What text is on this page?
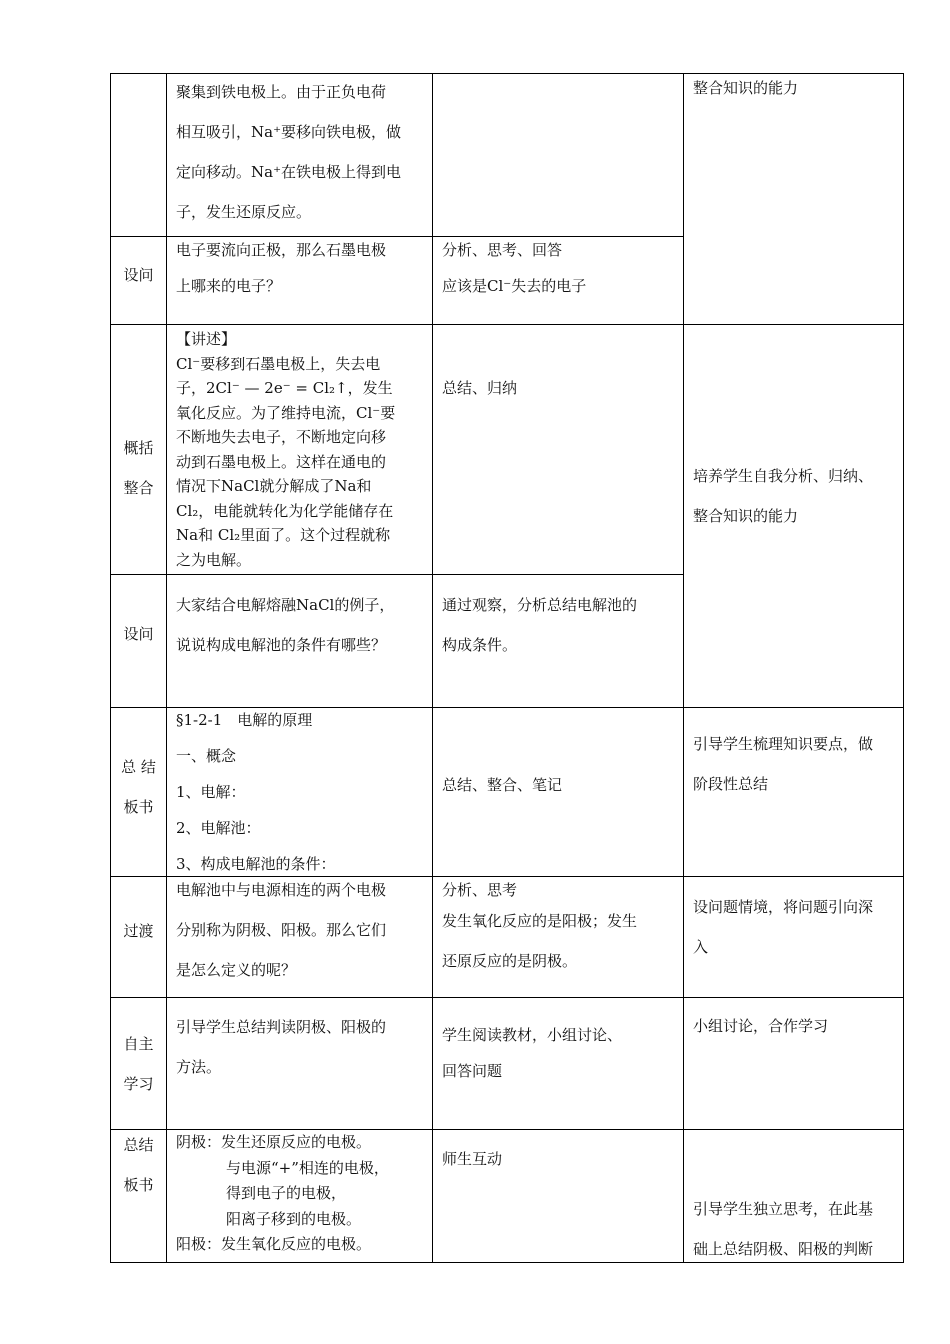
聚集到铁电极上。由于正负电荷

相互吸引，Na⁺要移向铁电极，做

定向移动。Na⁺在铁电极上得到电

子，发生还原反应。

整合知识的能力

设问

电子要流向正极，那么石墨电极

上哪来的电子？

分析、思考、回答

应该是Cl⁻失去的电子

概括

整合

【讲述】

Cl⁻要移到石墨电极上，失去电

子，2Cl⁻ — 2e⁻ = Cl₂↑，发生

氧化反应。为了维持电流，Cl⁻要

不断地失去电子，不断地定向移

动到石墨电极上。这样在通电的

情况下NaCl就分解成了Na和

Cl₂，电能就转化为化学能储存在

Na和 Cl₂里面了。这个过程就称

之为电解。

总结、归纳

培养学生自我分析、归纳、

整合知识的能力

设问

大家结合电解熔融NaCl的例子，

说说构成电解池的条件有哪些？

通过观察，分析总结电解池的

构成条件。

总 结

板书

§1-2-1　电解的原理

一、概念

1、电解：

2、电解池：

3、构成电解池的条件：

总结、整合、笔记

引导学生梳理知识要点，做

阶段性总结

过渡

电解池中与电源相连的两个电极

分别称为阴极、阳极。那么它们

是怎么定义的呢？

分析、思考

发生氧化反应的是阳极；发生

还原反应的是阴极。

设问题情境，将问题引向深

入

自主

学习

引导学生总结判读阴极、阳极的

方法。

学生阅读教材，小组讨论、

回答问题

小组讨论，合作学习

总结

板书

阴极：发生还原反应的电极。

与电源“+”相连的电极，

得到电子的电极，

阳离子移到的电极。

阳极：发生氧化反应的电极。

师生互动

引导学生独立思考，在此基

础上总结阴极、阳极的判断
